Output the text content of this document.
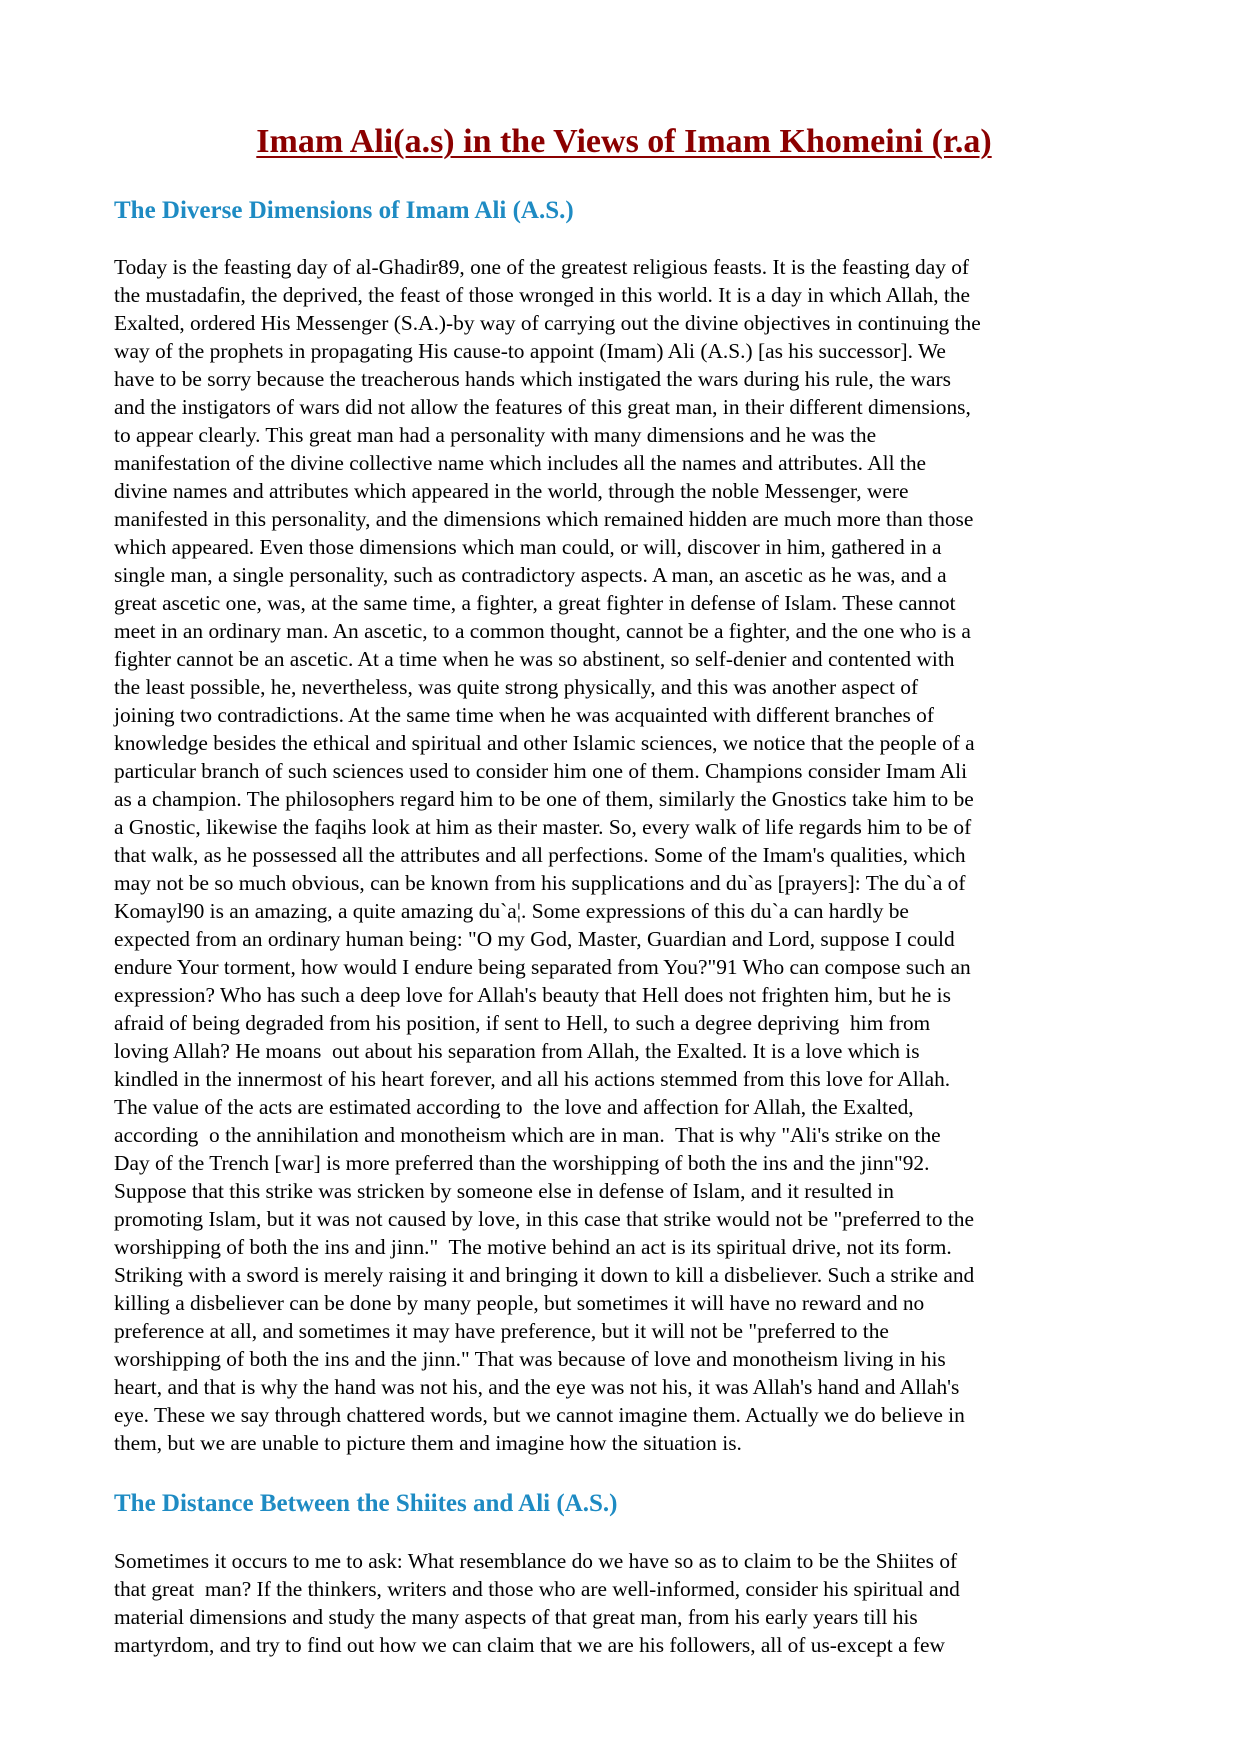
Imam Ali(a.s) in the Views of Imam Khomeini (r.a)
The Diverse Dimensions of Imam Ali (A.S.)

Today is the feasting day of al-Ghadir89, one of the greatest religious feasts. It is the feasting day of
the mustadafin, the deprived, the feast of those wronged in this world. It is a day in which Allah, the
Exalted, ordered His Messenger (S.A.)-by way of carrying out the divine objectives in continuing the
way of the prophets in propagating His cause-to appoint (Imam) Ali (A.S.) [as his successor]. We
have to be sorry because the treacherous hands which instigated the wars during his rule, the wars
and the instigators of wars did not allow the features of this great man, in their different dimensions,
to appear clearly. This great man had a personality with many dimensions and he was the
manifestation of the divine collective name which includes all the names and attributes. All the
divine names and attributes which appeared in the world, through the noble Messenger, were
manifested in this personality, and the dimensions which remained hidden are much more than those
which appeared. Even those dimensions which man could, or will, discover in him, gathered in a
single man, a single personality, such as contradictory aspects. A man, an ascetic as he was, and a
great ascetic one, was, at the same time, a fighter, a great fighter in defense of Islam. These cannot
meet in an ordinary man. An ascetic, to a common thought, cannot be a fighter, and the one who is a
fighter cannot be an ascetic. At a time when he was so abstinent, so self-denier and contented with
the least possible, he, nevertheless, was quite strong physically, and this was another aspect of
joining two contradictions. At the same time when he was acquainted with different branches of
knowledge besides the ethical and spiritual and other Islamic sciences, we notice that the people of a
particular branch of such sciences used to consider him one of them. Champions consider Imam Ali
as a champion. The philosophers regard him to be one of them, similarly the Gnostics take him to be
a Gnostic, likewise the faqihs look at him as their master. So, every walk of life regards him to be of
that walk, as he possessed all the attributes and all perfections. Some of the Imam's qualities, which
may not be so much obvious, can be known from his supplications and du`as [prayers]: The du`a of
Komayl90 is an amazing, a quite amazing du`a¦. Some expressions of this du`a can hardly be
expected from an ordinary human being: "O my God, Master, Guardian and Lord, suppose I could
endure Your torment, how would I endure being separated from You?"91 Who can compose such an
expression? Who has such a deep love for Allah's beauty that Hell does not frighten him, but he is
afraid of being degraded from his position, if sent to Hell, to such a degree depriving  him from
loving Allah? He moans  out about his separation from Allah, the Exalted. It is a love which is
kindled in the innermost of his heart forever, and all his actions stemmed from this love for Allah.
The value of the acts are estimated according to  the love and affection for Allah, the Exalted,
according  o the annihilation and monotheism which are in man.  That is why "Ali's strike on the
Day of the Trench [war] is more preferred than the worshipping of both the ins and the jinn"92.
Suppose that this strike was stricken by someone else in defense of Islam, and it resulted in
promoting Islam, but it was not caused by love, in this case that strike would not be "preferred to the
worshipping of both the ins and jinn."  The motive behind an act is its spiritual drive, not its form.
Striking with a sword is merely raising it and bringing it down to kill a disbeliever. Such a strike and
killing a disbeliever can be done by many people, but sometimes it will have no reward and no
preference at all, and sometimes it may have preference, but it will not be "preferred to the
worshipping of both the ins and the jinn." That was because of love and monotheism living in his
heart, and that is why the hand was not his, and the eye was not his, it was Allah's hand and Allah's
eye. These we say through chattered words, but we cannot imagine them. Actually we do believe in
them, but we are unable to picture them and imagine how the situation is.

The Distance Between the Shiites and Ali (A.S.)

Sometimes it occurs to me to ask: What resemblance do we have so as to claim to be the Shiites of
that great  man? If the thinkers, writers and those who are well-informed, consider his spiritual and
material dimensions and study the many aspects of that great man, from his early years till his
martyrdom, and try to find out how we can claim that we are his followers, all of us-except a few
